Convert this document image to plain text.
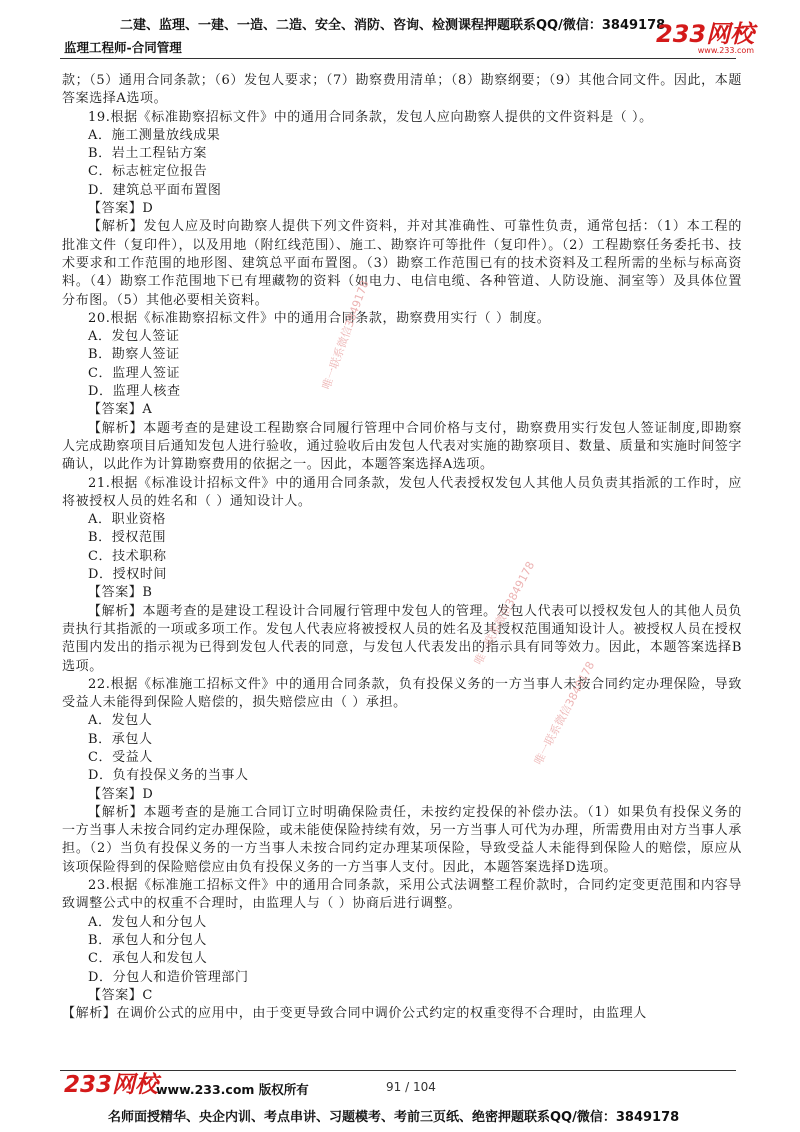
二建、监理、一建、一造、二造、安全、消防、咨询、检测课程押题联系QQ/微信：3849178
监理工程师-合同管理	233网校
www.233.com

款；（5）通用合同条款；（6）发包人要求；（7）勘察费用清单；（8）勘察纲要；（9）其他合同文件。因此，本题答案选择A选项。

19.根据《标准勘察招标文件》中的通用合同条款，发包人应向勘察人提供的文件资料是（ ）。

A．施工测量放线成果

B．岩土工程钻方案

C．标志桩定位报告

D．建筑总平面布置图

【答案】D

【解析】发包人应及时向勘察人提供下列文件资料，并对其准确性、可靠性负责，通常包括：（1）本工程的批准文件（复印件），以及用地（附红线范围）、施工、勘察许可等批件（复印件）。（2）工程勘察任务委托书、技术要求和工作范围的地形图、建筑总平面布置图。（3）勘察工作范围已有的技术资料及工程所需的坐标与标高资料。（4）勘察工作范围地下已有埋藏物的资料（如电力、电信电缆、各种管道、人防设施、洞室等）及具体位置分布图。（5）其他必要相关资料。

20.根据《标准勘察招标文件》中的通用合同条款，勘察费用实行（ ）制度。

A．发包人签证

B．勘察人签证

C．监理人签证

D．监理人核查

【答案】A

【解析】本题考查的是建设工程勘察合同履行管理中合同价格与支付，勘察费用实行发包人签证制度,即勘察人完成勘察项目后通知发包人进行验收，通过验收后由发包人代表对实施的勘察项目、数量、质量和实施时间签字确认，以此作为计算勘察费用的依据之一。因此，本题答案选择A选项。

21.根据《标准设计招标文件》中的通用合同条款，发包人代表授权发包人其他人员负责其指派的工作时，应将被授权人员的姓名和（ ）通知设计人。

A．职业资格

B．授权范围

C．技术职称

D．授权时间

【答案】B

【解析】本题考查的是建设工程设计合同履行管理中发包人的管理。发包人代表可以授权发包人的其他人员负责执行其指派的一项或多项工作。发包人代表应将被授权人员的姓名及其授权范围通知设计人。被授权人员在授权范围内发出的指示视为已得到发包人代表的同意，与发包人代表发出的指示具有同等效力。因此，本题答案选择B选项。

22.根据《标准施工招标文件》中的通用合同条款，负有投保义务的一方当事人未按合同约定办理保险，导致受益人未能得到保险人赔偿的，损失赔偿应由（ ）承担。

A．发包人

B．承包人

C．受益人

D．负有投保义务的当事人

【答案】D

【解析】本题考查的是施工合同订立时明确保险责任，未按约定投保的补偿办法。（1）如果负有投保义务的一方当事人未按合同约定办理保险，或未能使保险持续有效，另一方当事人可代为办理，所需费用由对方当事人承担。（2）当负有投保义务的一方当事人未按合同约定办理某项保险，导致受益人未能得到保险人的赔偿，原应从该项保险得到的保险赔偿应由负有投保义务的一方当事人支付。因此，本题答案选择D选项。

23.根据《标准施工招标文件》中的通用合同条款，采用公式法调整工程价款时，合同约定变更范围和内容导致调整公式中的权重不合理时，由监理人与（ ）协商后进行调整。

A．发包人和分包人

B．承包人和分包人

C．承包人和发包人

D．分包人和造价管理部门

【答案】C

【解析】在调价公式的应用中，由于变更导致合同中调价公式约定的权重变得不合理时，由监理人

唯一联系微信3849178
唯一联系微信3849178
唯一联系微信3849178
233网校
www.233.com 版权所有	91 / 104
名师面授精华、央企内训、考点串讲、习题模考、考前三页纸、绝密押题联系QQ/微信：3849178
